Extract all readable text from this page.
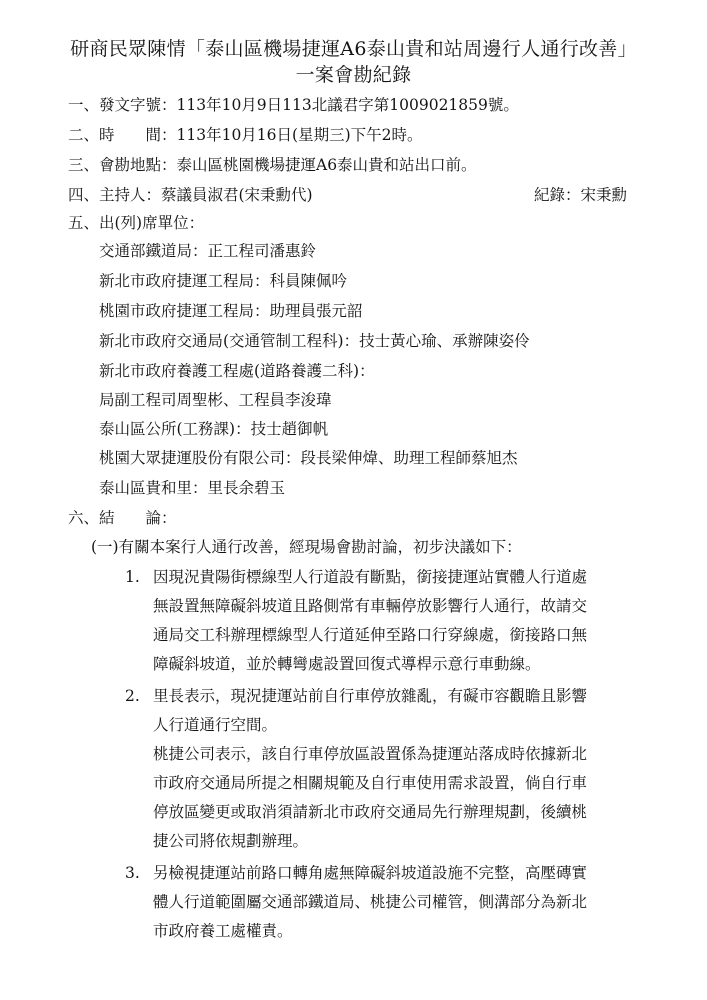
研商民眾陳情「泰山區機場捷運A6泰山貴和站周邊行人通行改善」
一案會勘紀錄
一、發文字號：113年10月9日113北議君字第1009021859號。
二、時　　間：113年10月16日(星期三)下午2時。
三、會勘地點：泰山區桃園機場捷運A6泰山貴和站出口前。
四、主持人：蔡議員淑君(宋秉勳代)	紀錄：宋秉勳
五、出(列)席單位：
交通部鐵道局：正工程司潘惠鈴
新北市政府捷運工程局：科員陳佩吟
桃園市政府捷運工程局：助理員張元韶
新北市政府交通局(交通管制工程科)：技士黃心瑜、承辦陳姿伶
新北市政府養護工程處(道路養護二科)：
局副工程司周聖彬、工程員李浚瑋
泰山區公所(工務課)：技士趙御帆
桃園大眾捷運股份有限公司：段長梁伸煒、助理工程師蔡旭杰
泰山區貴和里：里長余碧玉
六、結　　論：
(一)有關本案行人通行改善，經現場會勘討論，初步決議如下：
1. 因現況貴陽街標線型人行道設有斷點，銜接捷運站實體人行道處
無設置無障礙斜坡道且路側常有車輛停放影響行人通行，故請交
通局交工科辦理標線型人行道延伸至路口行穿線處，銜接路口無
障礙斜坡道，並於轉彎處設置回復式導桿示意行車動線。
2. 里長表示，現況捷運站前自行車停放雜亂，有礙市容觀瞻且影響
人行道通行空間。
桃捷公司表示，該自行車停放區設置係為捷運站落成時依據新北
市政府交通局所提之相關規範及自行車使用需求設置，倘自行車
停放區變更或取消須請新北市政府交通局先行辦理規劃，後續桃
捷公司將依規劃辦理。
3. 另檢視捷運站前路口轉角處無障礙斜坡道設施不完整，高壓磚實
體人行道範圍屬交通部鐵道局、桃捷公司權管，側溝部分為新北
市政府養工處權責。
